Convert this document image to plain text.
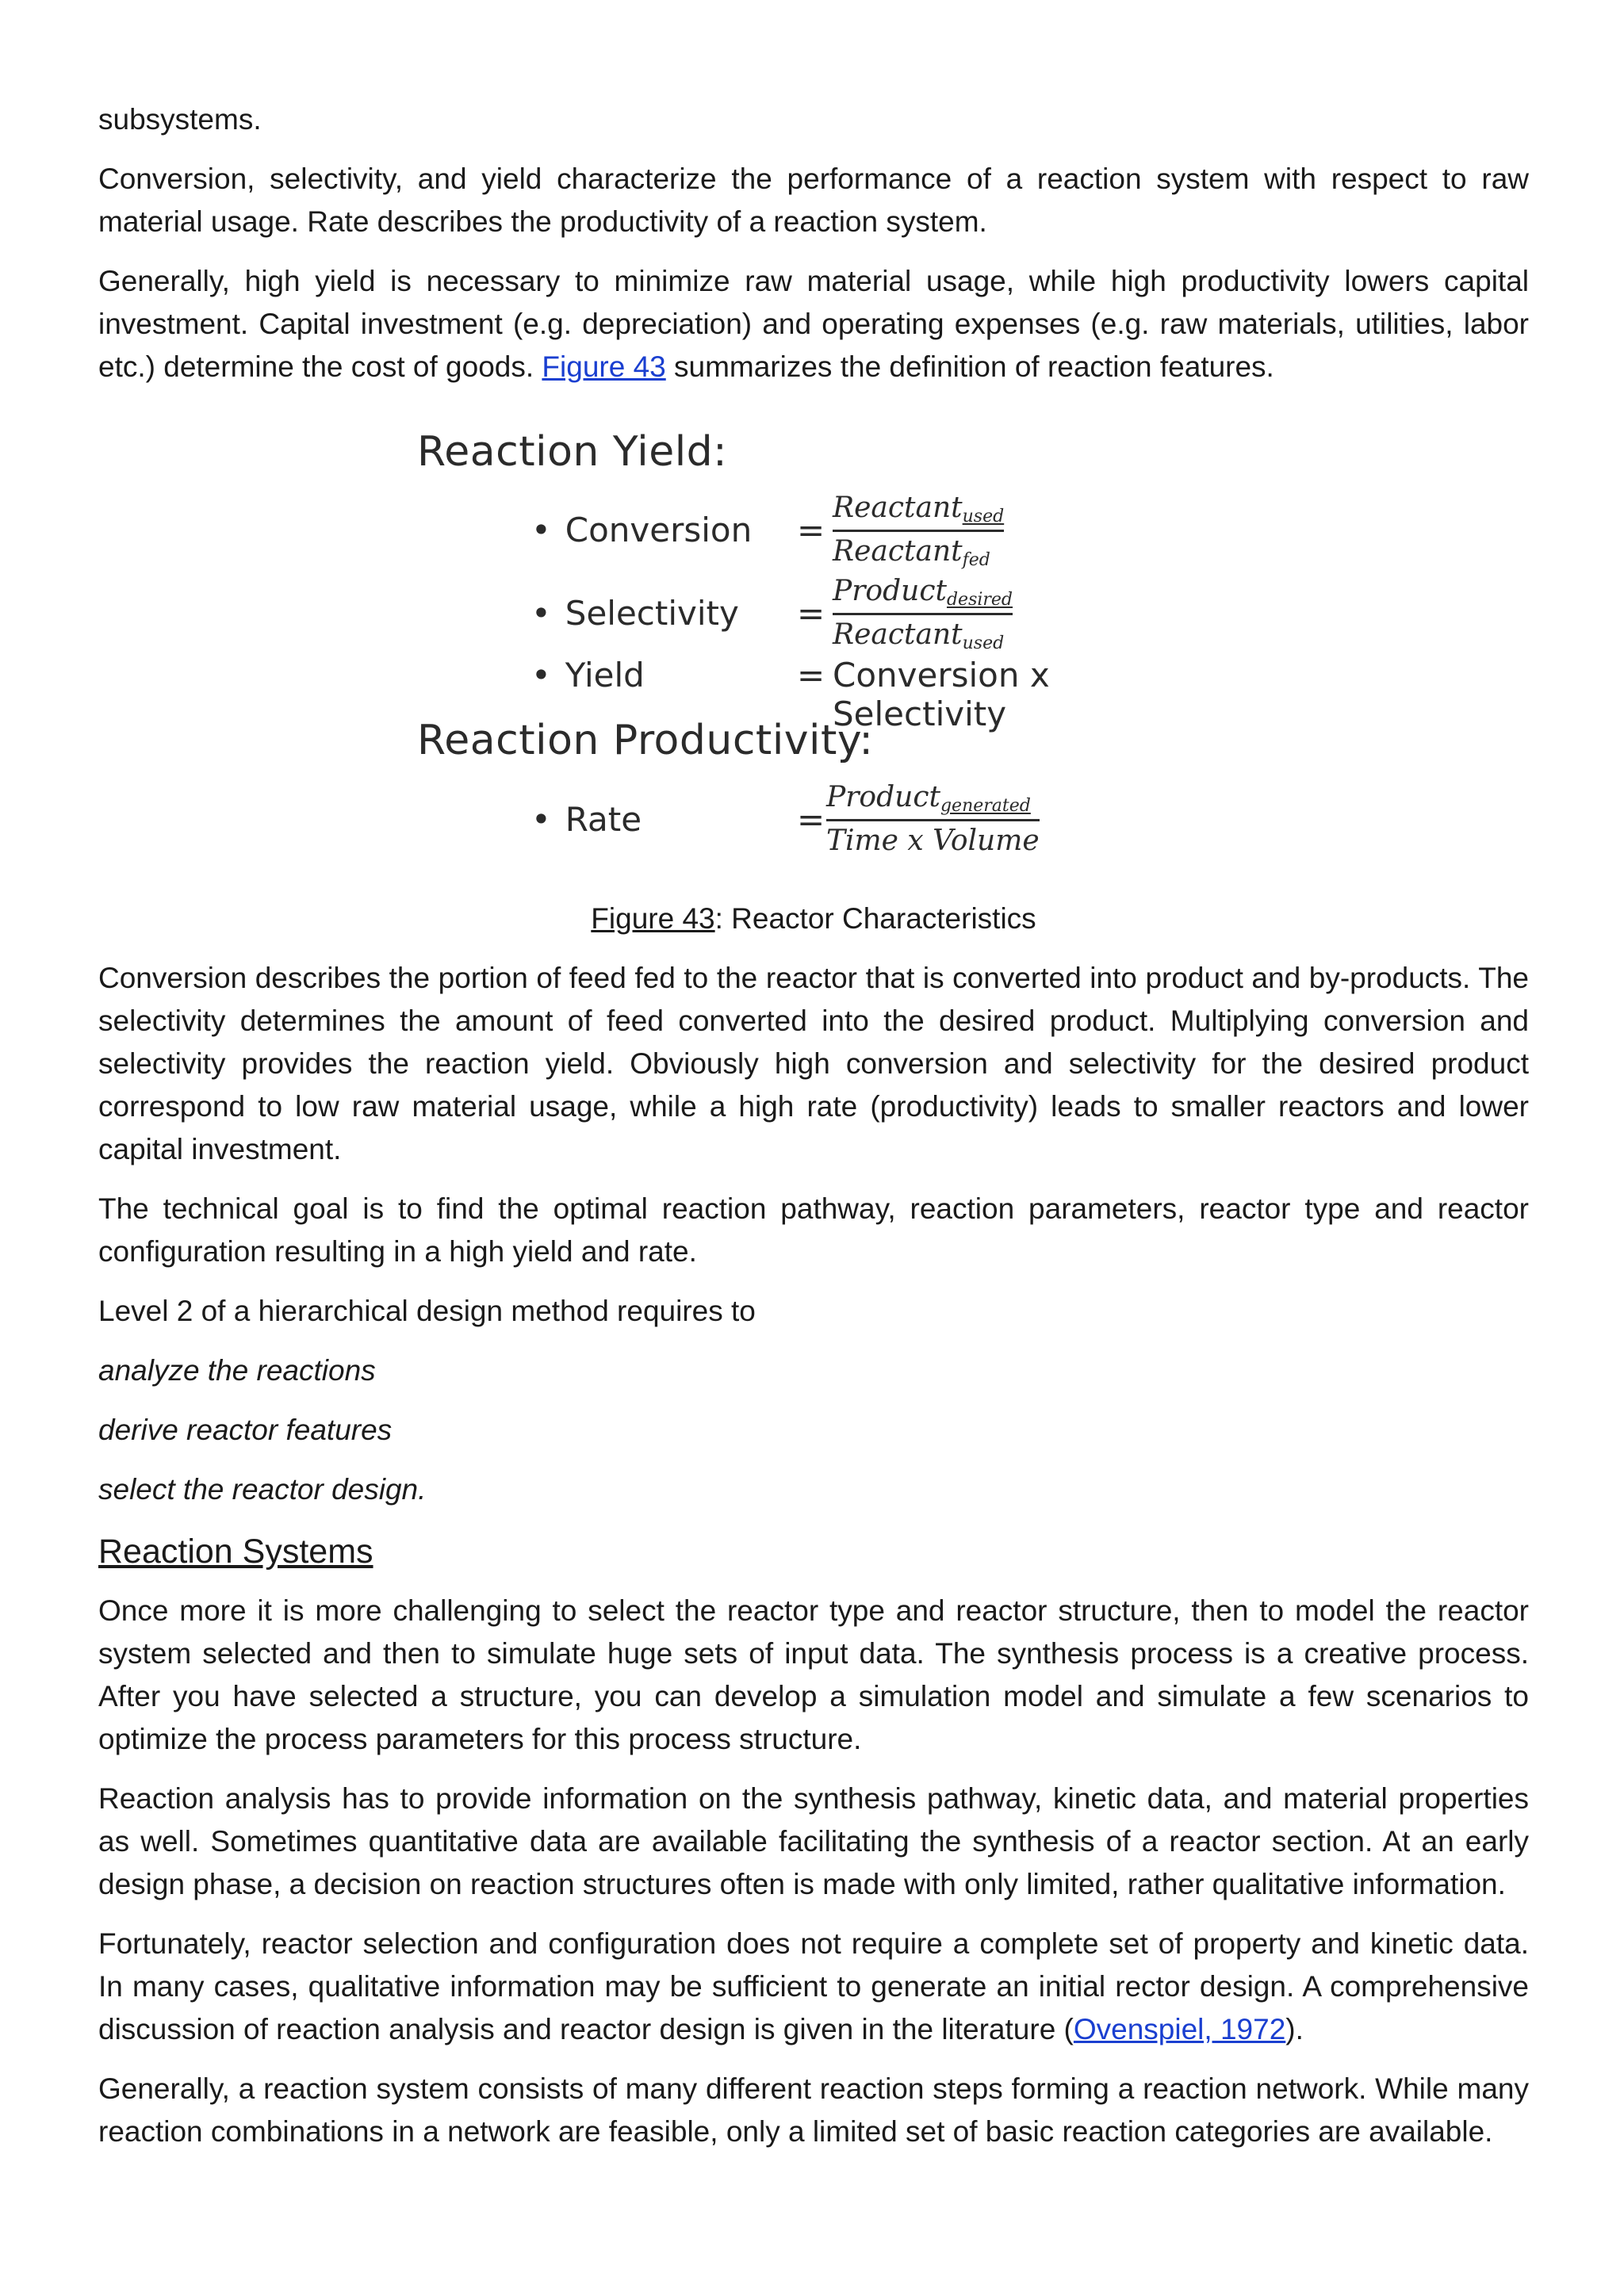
subsystems.

Conversion, selectivity, and yield characterize the performance of a reaction system with respect to raw material usage. Rate describes the productivity of a reaction system.

Generally, high yield is necessary to minimize raw material usage, while high productivity lowers capital investment. Capital investment (e.g. depreciation) and operating expenses (e.g. raw materials, utilities, labor etc.) determine the cost of goods. Figure 43 summarizes the definition of reaction features.

Reaction Yield:
• Conversion =
Reactant$_{used}$
Reactant$_{fed}$
• Selectivity =
Product$_{desired}$
Reactant$_{used}$
• Yield	= Conversion x Selectivity
Reaction Productivity:
• Rate	=
Product$_{generated}$
Time x Volume

Figure 43: Reactor Characteristics

Conversion describes the portion of feed fed to the reactor that is converted into product and by-products. The selectivity determines the amount of feed converted into the desired product. Multiplying conversion and selectivity provides the reaction yield. Obviously high conversion and selectivity for the desired product correspond to low raw material usage, while a high rate (productivity) leads to smaller reactors and lower capital investment.

The technical goal is to find the optimal reaction pathway, reaction parameters, reactor type and reactor configuration resulting in a high yield and rate.

Level 2 of a hierarchical design method requires to

analyze the reactions

derive reactor features

select the reactor design.

Reaction Systems

Once more it is more challenging to select the reactor type and reactor structure, then to model the reactor system selected and then to simulate huge sets of input data. The synthesis process is a creative process. After you have selected a structure, you can develop a simulation model and simulate a few scenarios to optimize the process parameters for this process structure.

Reaction analysis has to provide information on the synthesis pathway, kinetic data, and material properties as well. Sometimes quantitative data are available facilitating the synthesis of a reactor section. At an early design phase, a decision on reaction structures often is made with only limited, rather qualitative information.

Fortunately, reactor selection and configuration does not require a complete set of property and kinetic data. In many cases, qualitative information may be sufficient to generate an initial rector design. A comprehensive discussion of reaction analysis and reactor design is given in the literature (Ovenspiel, 1972).

Generally, a reaction system consists of many different reaction steps forming a reaction network. While many reaction combinations in a network are feasible, only a limited set of basic reaction categories are available.
